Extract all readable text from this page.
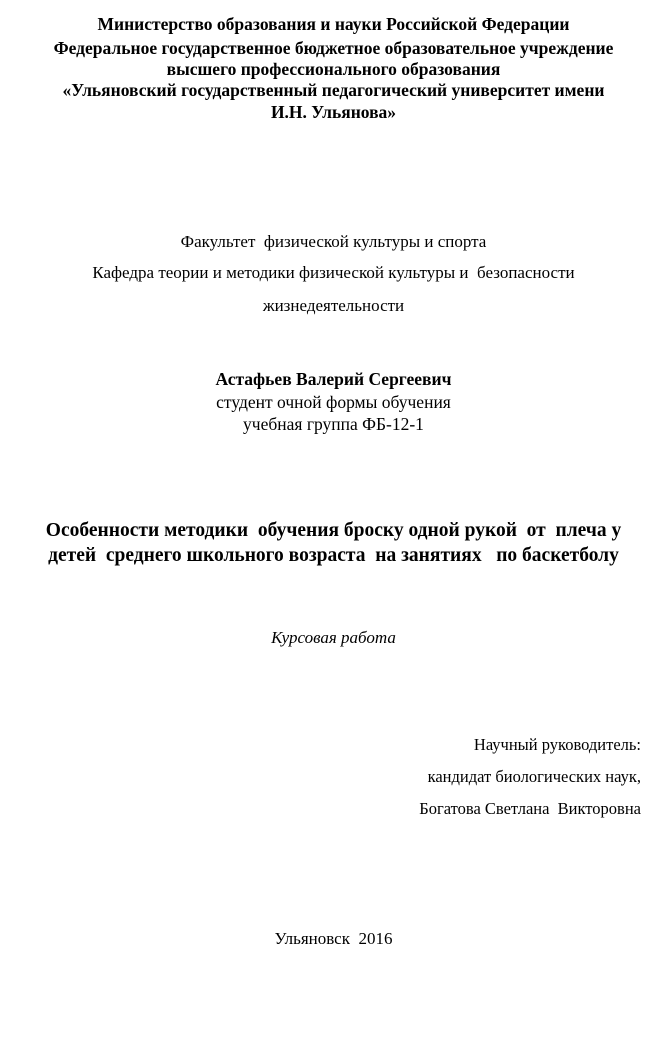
Министерство образования и науки Российской Федерации
Федеральное государственное бюджетное образовательное учреждение
высшего профессионального образования
«Ульяновский государственный педагогический университет имени
И.Н. Ульянова»
Факультет  физической культуры и спорта
Кафедра теории и методики физической культуры и  безопасности
жизнедеятельности
Астафьев Валерий Сергеевич
студент очной формы обучения
учебная группа ФБ-12-1
Особенности методики  обучения броску одной рукой  от  плеча у
детей  среднего школьного возраста  на занятиях   по баскетболу
Курсовая работа
Научный руководитель:
кандидат биологических наук,
Богатова Светлана  Викторовна
Ульяновск  2016
